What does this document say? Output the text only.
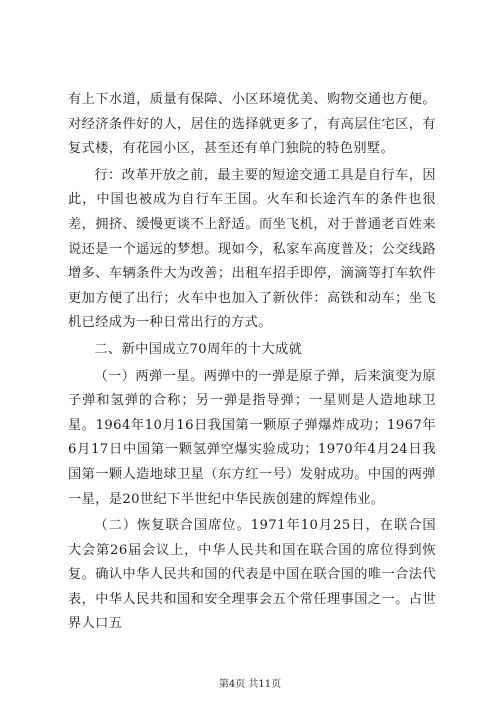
有上下水道，质量有保障、小区环境优美、购物交通也方便。对经济条件好的人，居住的选择就更多了，有高层住宅区，有复式楼，有花园小区，甚至还有单门独院的特色别墅。

行：改革开放之前，最主要的短途交通工具是自行车，因此，中国也被成为自行车王国。火车和长途汽车的条件也很差，拥挤、缓慢更谈不上舒适。而坐飞机，对于普通老百姓来说还是一个遥远的梦想。现如今，私家车高度普及；公交线路增多、车辆条件大为改善；出租车招手即停，滴滴等打车软件更加方便了出行；火车中也加入了新伙伴：高铁和动车；坐飞机已经成为一种日常出行的方式。

二、新中国成立70周年的十大成就

（一）两弹一星。两弹中的一弹是原子弹，后来演变为原子弹和氢弹的合称；另一弹是指导弹；一星则是人造地球卫星。1964年10月16日我国第一颗原子弹爆炸成功；1967年6月17日中国第一颗氢弹空爆实验成功；1970年4月24日我国第一颗人造地球卫星（东方红一号）发射成功。中国的两弹一星，是20世纪下半世纪中华民族创建的辉煌伟业。

（二）恢复联合国席位。1971年10月25日，在联合国大会第26届会议上，中华人民共和国在联合国的席位得到恢复。确认中华人民共和国的代表是中国在联合国的唯一合法代表，中华人民共和国和安全理事会五个常任理事国之一。占世界人口五

第4页 共11页
